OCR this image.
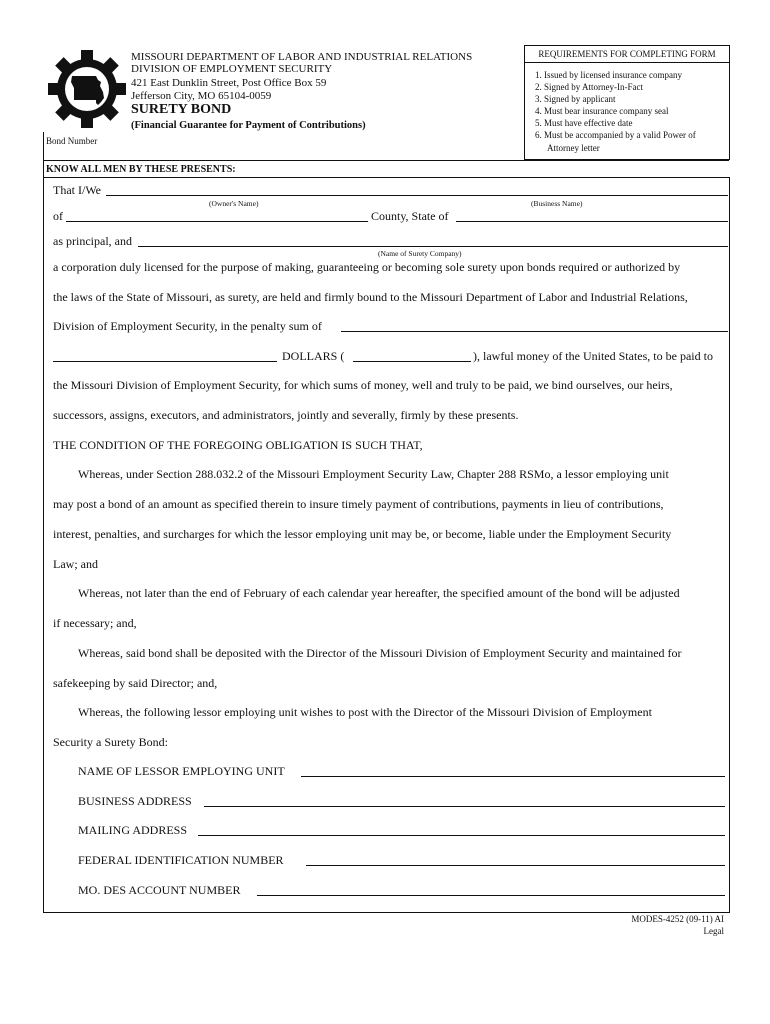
MISSOURI DEPARTMENT OF LABOR AND INDUSTRIAL RELATIONS
DIVISION OF EMPLOYMENT SECURITY
421 East Dunklin Street, Post Office Box 59
Jefferson City, MO 65104-0059
SURETY BOND
(Financial Guarantee for Payment of Contributions)
Bond Number
REQUIREMENTS FOR COMPLETING FORM
1. Issued by licensed insurance company
2. Signed by Attorney-In-Fact
3. Signed by applicant
4. Must bear insurance company seal
5. Must have effective date
6. Must be accompanied by a valid Power of
Attorney letter
KNOW ALL MEN BY THESE PRESENTS:
That I/We
(Owner's Name)	(Business Name)
of	County, State of
as principal, and
(Name of Surety Company)
a corporation duly licensed for the purpose of making, guaranteeing or becoming sole surety upon bonds required or authorized by
the laws of the State of Missouri, as surety, are held and firmly bound to the Missouri Department of Labor and Industrial Relations,
Division of Employment Security, in the penalty sum of
DOLLARS (	), lawful money of the United States, to be paid to
the Missouri Division of Employment Security, for which sums of money, well and truly to be paid, we bind ourselves, our heirs,
successors, assigns, executors, and administrators, jointly and severally, firmly by these presents.
THE CONDITION OF THE FOREGOING OBLIGATION IS SUCH THAT,
Whereas, under Section 288.032.2 of the Missouri Employment Security Law, Chapter 288 RSMo, a lessor employing unit
may post a bond of an amount as specified therein to insure timely payment of contributions, payments in lieu of contributions,
interest, penalties, and surcharges for which the lessor employing unit may be, or become, liable under the Employment Security
Law; and
Whereas, not later than the end of February of each calendar year hereafter, the specified amount of the bond will be adjusted
if necessary; and,
Whereas, said bond shall be deposited with the Director of the Missouri Division of Employment Security and maintained for
safekeeping by said Director; and,
Whereas, the following lessor employing unit wishes to post with the Director of the Missouri Division of Employment
Security a Surety Bond:
NAME OF LESSOR EMPLOYING UNIT
BUSINESS ADDRESS
MAILING ADDRESS
FEDERAL IDENTIFICATION NUMBER
MO. DES ACCOUNT NUMBER
MODES-4252 (09-11) AI
Legal
